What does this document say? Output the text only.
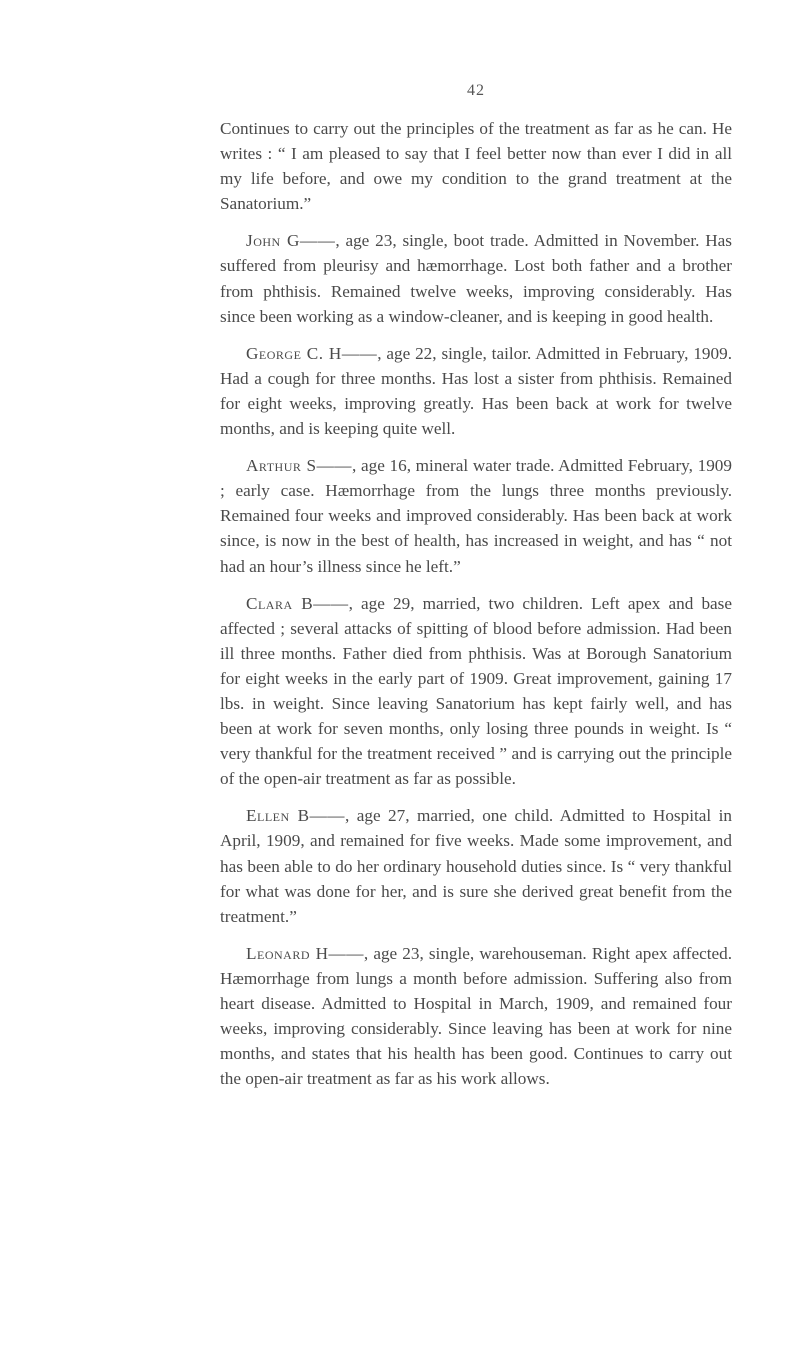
42

Continues to carry out the principles of the treatment as far as he can. He writes : “ I am pleased to say that I feel better now than ever I did in all my life before, and owe my condition to the grand treatment at the Sanatorium.”

John G——, age 23, single, boot trade. Admitted in November. Has suffered from pleurisy and hæmorrhage. Lost both father and a brother from phthisis. Remained twelve weeks, improving considerably. Has since been working as a window-cleaner, and is keeping in good health.

George C. H——, age 22, single, tailor. Admitted in February, 1909. Had a cough for three months. Has lost a sister from phthisis. Remained for eight weeks, improving greatly. Has been back at work for twelve months, and is keeping quite well.

Arthur S——, age 16, mineral water trade. Admitted February, 1909 ; early case. Hæmorrhage from the lungs three months previously. Remained four weeks and improved considerably. Has been back at work since, is now in the best of health, has increased in weight, and has “ not had an hour’s illness since he left.”

Clara B——, age 29, married, two children. Left apex and base affected ; several attacks of spitting of blood before admission. Had been ill three months. Father died from phthisis. Was at Borough Sanatorium for eight weeks in the early part of 1909. Great improvement, gaining 17 lbs. in weight. Since leaving Sanatorium has kept fairly well, and has been at work for seven months, only losing three pounds in weight. Is “ very thankful for the treatment received ” and is carrying out the principle of the open-air treatment as far as possible.

Ellen B——, age 27, married, one child. Admitted to Hospital in April, 1909, and remained for five weeks. Made some improvement, and has been able to do her ordinary household duties since. Is “ very thankful for what was done for her, and is sure she derived great benefit from the treatment.”

Leonard H——, age 23, single, warehouseman. Right apex affected. Hæmorrhage from lungs a month before admission. Suffering also from heart disease. Admitted to Hospital in March, 1909, and remained four weeks, improving considerably. Since leaving has been at work for nine months, and states that his health has been good. Continues to carry out the open-air treatment as far as his work allows.
